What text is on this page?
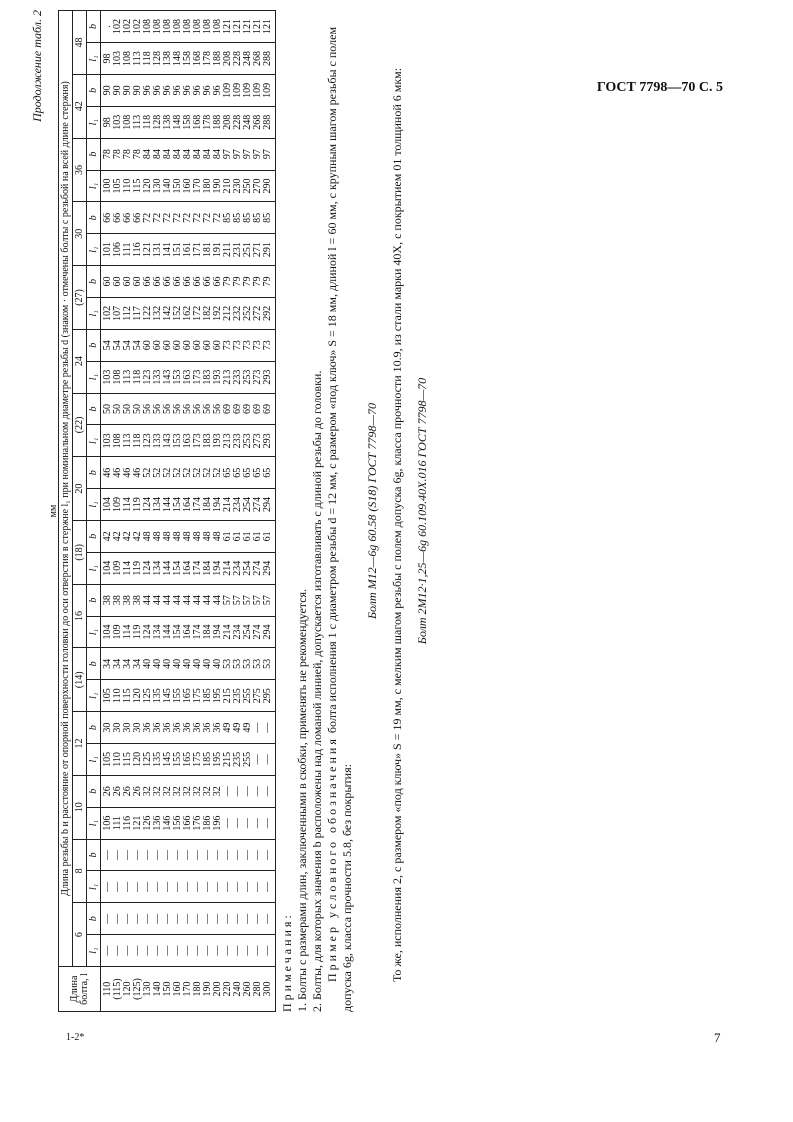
ГОСТ 7798—70 С. 5
Продолжение табл. 2
мм
Длина болта, l	Длина резьбы b и расстояние от опорной поверхности головки до оси отверстия в стержне l₁ при номинальном диаметре резьбы d (знаком · отмечены болты с резьбой на всей длине стержня)																													
	6		8		10		12		(14)		16		(18)		20		(22)		24		(27)		30		36		42		48	
	l₁	b	l₁	b	l₁	b	l₁	b	l₁	b	l₁	b	l₁	b	l₁	b	l₁	b	l₁	b	l₁	b	l₁	b	l₁	b	l₁	b	l₁	b
110	—	—	—	—	106	26	105	30	105	34	104	38	104	42	104	46	103	50	103	54	102	60	101	66	100	78	98	90	98	.
(115)	—	—	—	—	111	26	110	30	110	34	109	38	109	42	109	46	108	50	108	54	107	60	106	66	105	78	103	90	103	102
120	—	—	—	—	116	26	115	30	115	34	114	38	114	42	114	46	113	50	113	54	112	60	111	66	110	78	108	90	108	102
(125)	—	—	—	—	121	26	120	30	120	34	119	38	119	42	119	46	118	50	118	54	117	60	116	66	115	78	113	90	113	102
130	—	—	—	—	126	32	125	36	125	40	124	44	124	48	124	52	123	56	123	60	122	66	121	72	120	84	118	96	118	108
140	—	—	—	—	136	32	135	36	135	40	134	44	134	48	134	52	133	56	133	60	132	66	131	72	130	84	128	96	128	108
150	—	—	—	—	146	32	145	36	145	40	144	44	144	48	144	52	143	56	143	60	142	66	141	72	140	84	138	96	138	108
160	—	—	—	—	156	32	155	36	155	40	154	44	154	48	154	52	153	56	153	60	152	66	151	72	150	84	148	96	148	108
170	—	—	—	—	166	32	165	36	165	40	164	44	164	48	164	52	163	56	163	60	162	66	161	72	160	84	158	96	158	108
180	—	—	—	—	176	32	175	36	175	40	174	44	174	48	174	52	173	56	173	60	172	66	171	72	170	84	168	96	168	108
190	—	—	—	—	186	32	185	36	185	40	184	44	184	48	184	52	183	56	183	60	182	66	181	72	180	84	178	96	178	108
200	—	—	—	—	196	32	195	36	195	40	194	44	194	48	194	52	193	56	193	60	192	66	191	72	190	84	188	96	188	108
220	—	—	—	—	—	—	215	49	215	53	214	57	214	61	214	65	213	69	213	73	212	79	211	85	210	97	208	109	208	121
240	—	—	—	—	—	—	235	49	235	53	234	57	234	61	234	65	233	69	233	73	232	79	231	85	230	97	228	109	228	121
260	—	—	—	—	—	—	255	49	255	53	254	57	254	61	254	65	253	69	253	73	252	79	251	85	250	97	248	109	248	121
280	—	—	—	—	—	—	—	—	275	53	274	57	274	61	274	65	273	69	273	73	272	79	271	85	270	97	268	109	268	121
300	—	—	—	—	—	—	—	—	295	53	294	57	294	61	294	65	293	69	293	73	292	79	291	85	290	97	288	109	288	121

Примечания: 1. Болты с размерами длин, заключенными в скобки, применять не рекомендуется. 2. Болты, для которых значения b расположены над ломаной линией, допускается изготавливать с длиной резьбы до головки. Пример условного обозначения болта исполнения 1 с диаметром резьбы d = 12 мм, с размером «под ключ» S = 18 мм, длиной l = 60 мм, с крупным шагом резьбы с полем допуска 6g, класса прочности 5.8, без покрытия:

Болт М12—6g 60.58 (S18) ГОСТ 7798—70 То же, исполнения 2, с размером «под ключ» S = 19 мм, с мелким шагом резьбы с полем допуска 6g, класса прочности 10.9, из стали марки 40Х, с покрытием 01 толщиной 6 мкм: Болт 2М12·1,25—6g 60.109.40Х.016 ГОСТ 7798—70

1-2*	7
